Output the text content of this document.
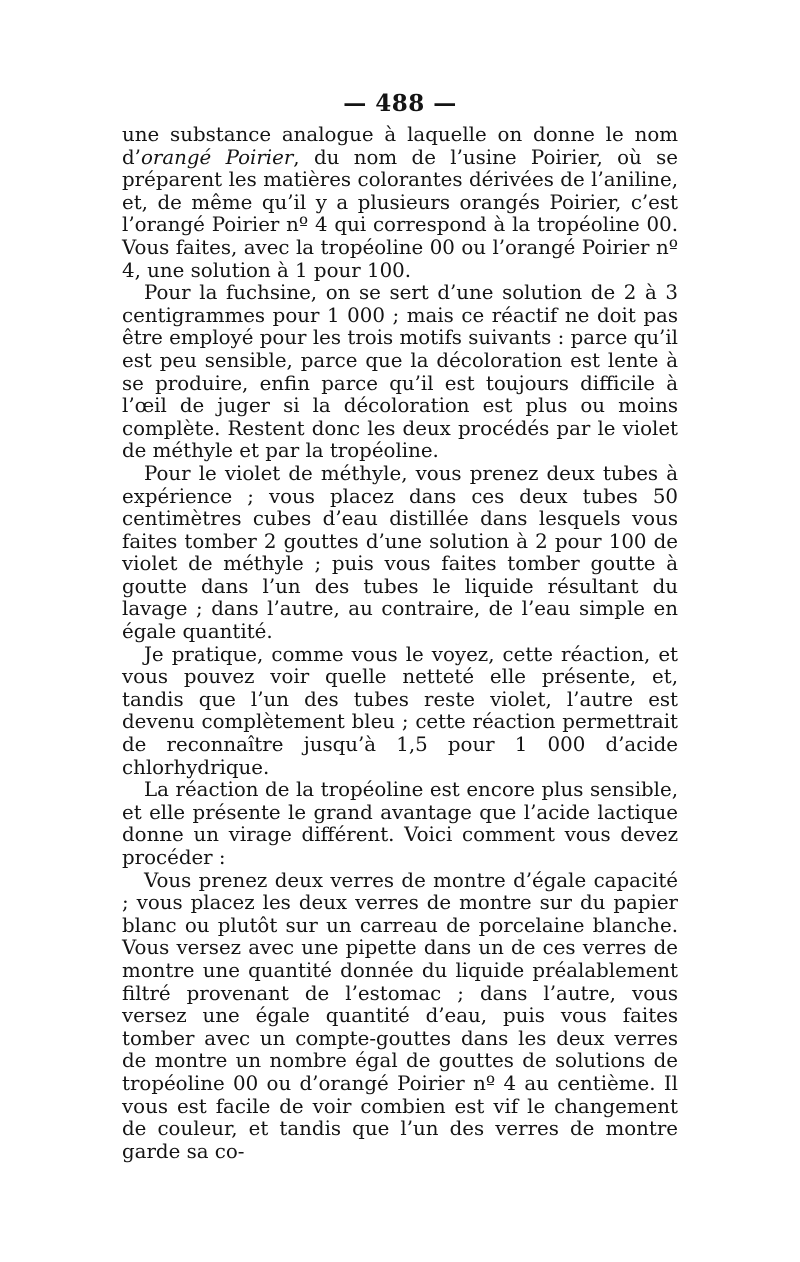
— 488 —

une substance analogue à laquelle on donne le nom d’orangé Poirier, du nom de l’usine Poirier, où se préparent les matières colorantes dérivées de l’aniline, et, de même qu’il y a plusieurs orangés Poirier, c’est l’orangé Poirier nº 4 qui correspond à la tropéoline 00. Vous faites, avec la tropéoline 00 ou l’orangé Poirier nº 4, une solution à 1 pour 100.

Pour la fuchsine, on se sert d’une solution de 2 à 3 centigrammes pour 1 000 ; mais ce réactif ne doit pas être employé pour les trois motifs suivants : parce qu’il est peu sensible, parce que la décoloration est lente à se produire, enfin parce qu’il est toujours difficile à l’œil de juger si la décoloration est plus ou moins complète. Restent donc les deux procédés par le violet de méthyle et par la tropéoline.

Pour le violet de méthyle, vous prenez deux tubes à expérience ; vous placez dans ces deux tubes 50 centimètres cubes d’eau distillée dans lesquels vous faites tomber 2 gouttes d’une solution à 2 pour 100 de violet de méthyle ; puis vous faites tomber goutte à goutte dans l’un des tubes le liquide résultant du lavage ; dans l’autre, au contraire, de l’eau simple en égale quantité.

Je pratique, comme vous le voyez, cette réaction, et vous pouvez voir quelle netteté elle présente, et, tandis que l’un des tubes reste violet, l’autre est devenu complètement bleu ; cette réaction permettrait de reconnaître jusqu’à 1,5 pour 1 000 d’acide chlorhydrique.

La réaction de la tropéoline est encore plus sensible, et elle présente le grand avantage que l’acide lactique donne un virage différent. Voici comment vous devez procéder :

Vous prenez deux verres de montre d’égale capacité ; vous placez les deux verres de montre sur du papier blanc ou plutôt sur un carreau de porcelaine blanche. Vous versez avec une pipette dans un de ces verres de montre une quantité donnée du liquide préalablement filtré provenant de l’estomac ; dans l’autre, vous versez une égale quantité d’eau, puis vous faites tomber avec un compte-gouttes dans les deux verres de montre un nombre égal de gouttes de solutions de tropéoline 00 ou d’orangé Poirier nº 4 au centième. Il vous est facile de voir combien est vif le changement de couleur, et tandis que l’un des verres de montre garde sa co-
